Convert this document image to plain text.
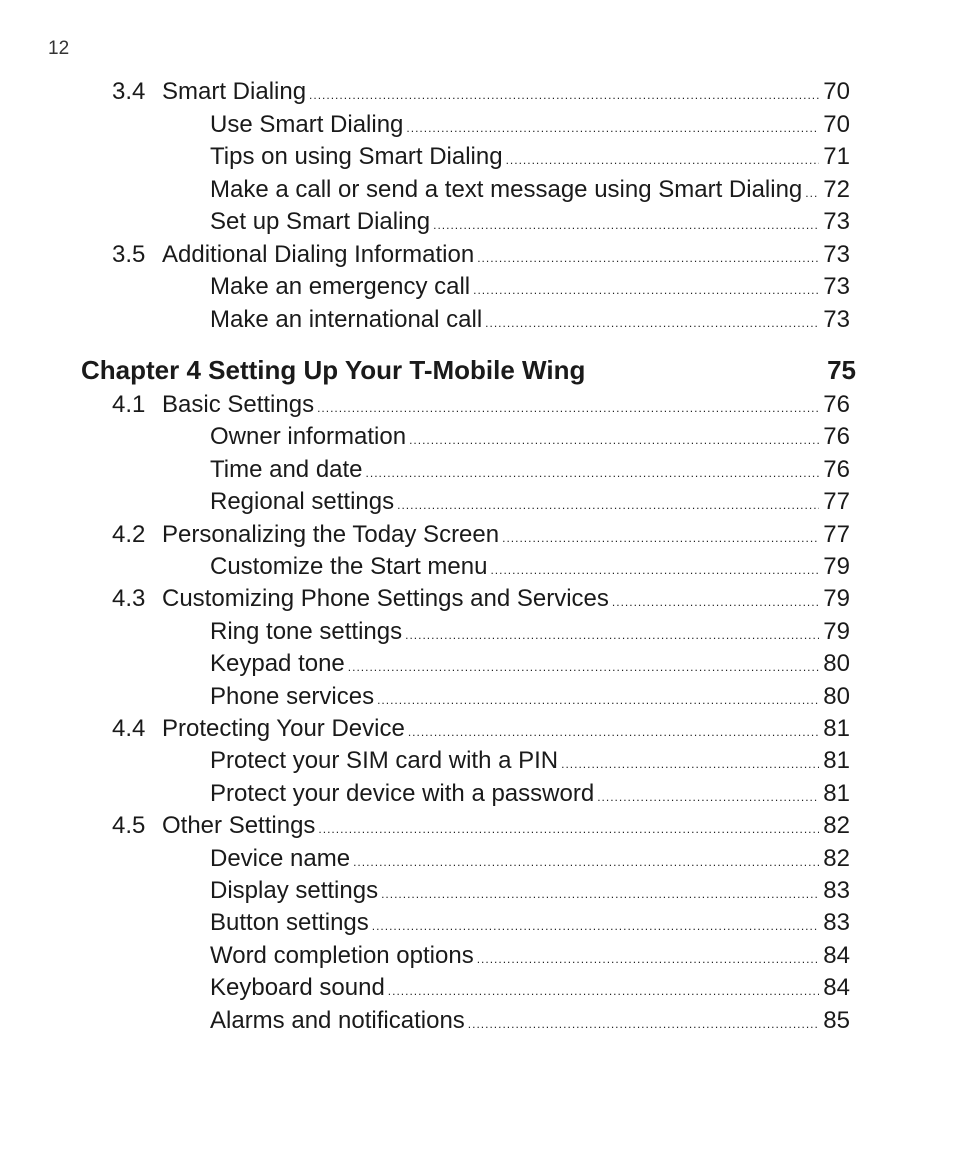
12
3.4 Smart Dialing .....	70
Use Smart Dialing .....	70
Tips on using Smart Dialing .....	71
Make a call or send a text message using Smart Dialing ..... 72
Set up Smart Dialing .....	73
3.5 Additional Dialing Information .....	73
Make an emergency call .....	73
Make an international call .....	73
Chapter 4 Setting Up Your T-Mobile Wing	75
4.1 Basic Settings .....	76
Owner information .....	76
Time and date .....	76
Regional settings .....	77
4.2 Personalizing the Today Screen .....	77
Customize the Start menu .....	79
4.3 Customizing Phone Settings and Services .....	79
Ring tone settings .....	79
Keypad tone .....	80
Phone services .....	80
4.4 Protecting Your Device .....	81
Protect your SIM card with a PIN .....	81
Protect your device with a password .....	81
4.5 Other Settings .....	82
Device name .....	82
Display settings .....	83
Button settings .....	83
Word completion options .....	84
Keyboard sound .....	84
Alarms and notifications .....	85
